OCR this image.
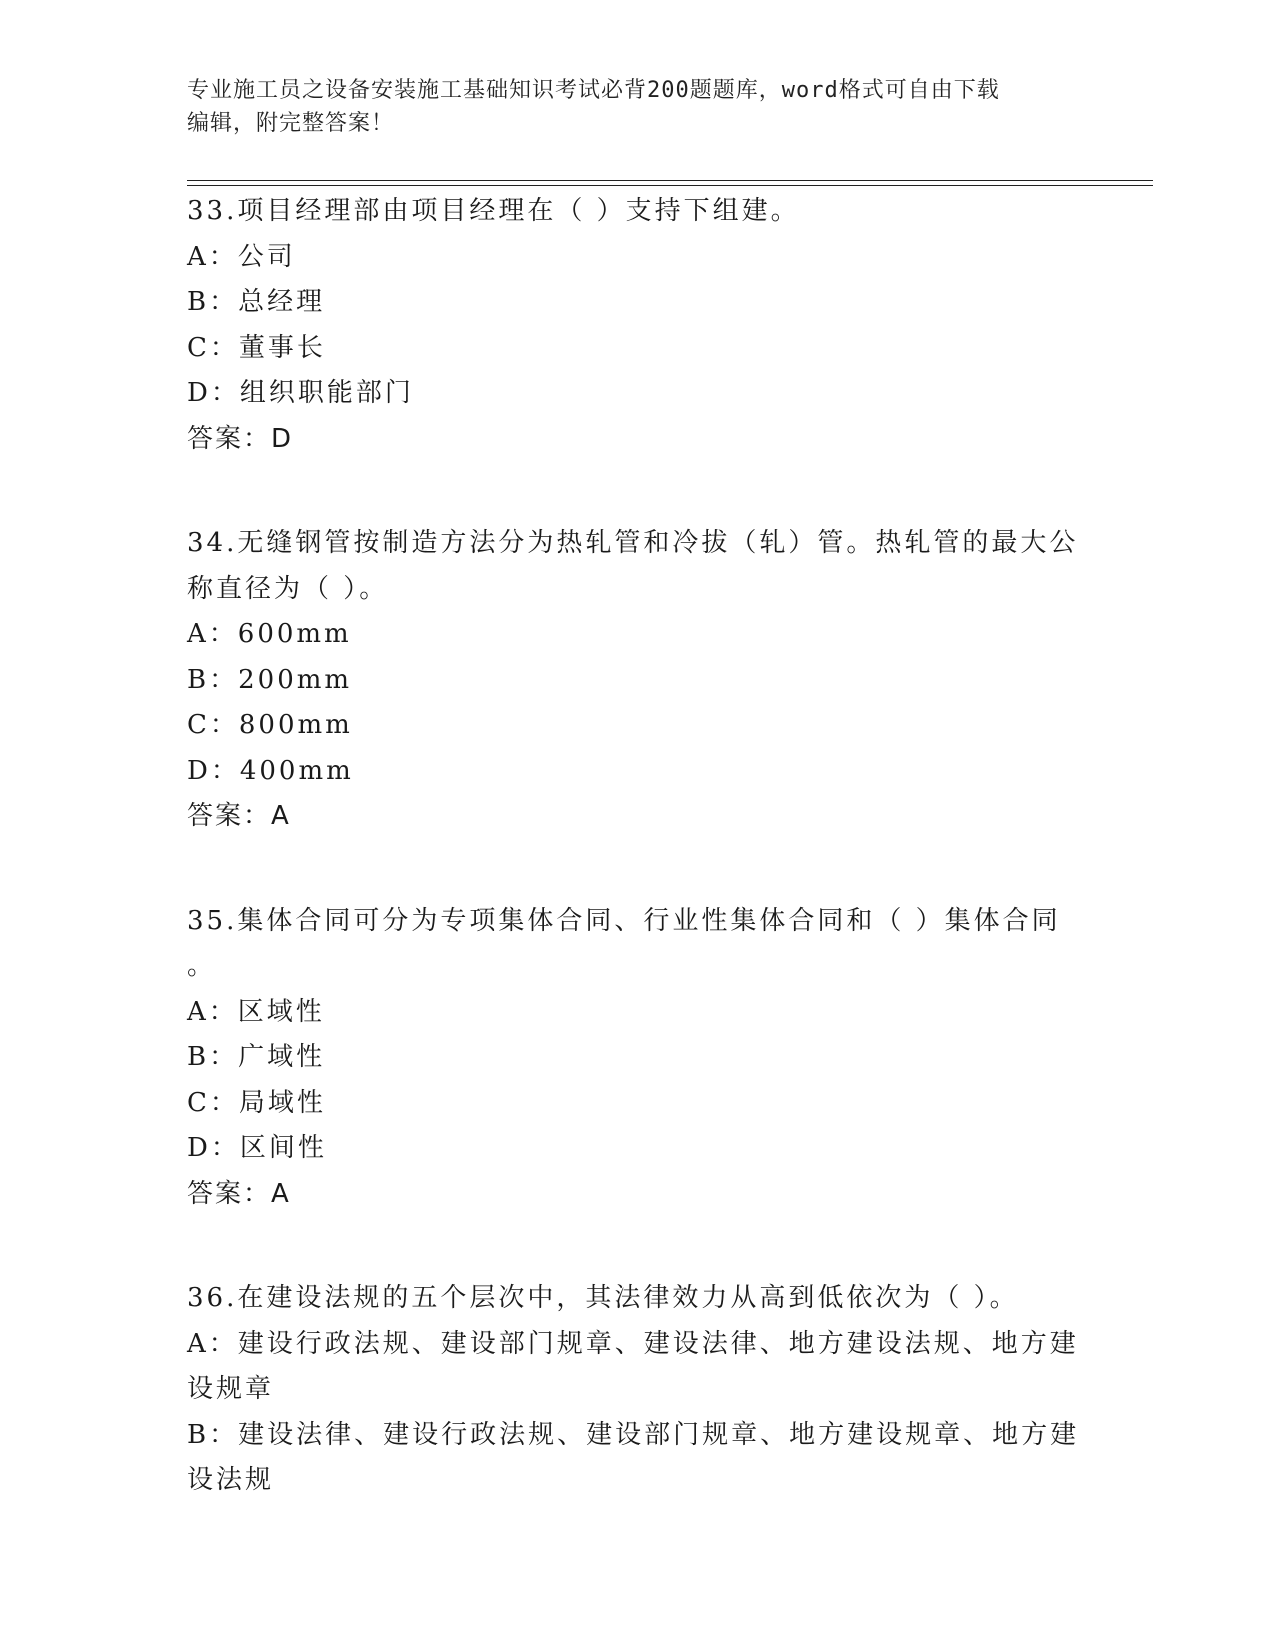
专业施工员之设备安装施工基础知识考试必背200题题库，word格式可自由下载
编辑，附完整答案！
33.项目经理部由项目经理在（ ）支持下组建。
A：公司
B：总经理
C：董事长
D：组织职能部门
答案：D
34.无缝钢管按制造方法分为热轧管和冷拔（轧）管。热轧管的最大公
称直径为（ ）。
A：600mm
B：200mm
C：800mm
D：400mm
答案：A
35.集体合同可分为专项集体合同、行业性集体合同和（ ）集体合同
。
A：区域性
B：广域性
C：局域性
D：区间性
答案：A
36.在建设法规的五个层次中，其法律效力从高到低依次为（ ）。
A：建设行政法规、建设部门规章、建设法律、地方建设法规、地方建
设规章
B：建设法律、建设行政法规、建设部门规章、地方建设规章、地方建
设法规
